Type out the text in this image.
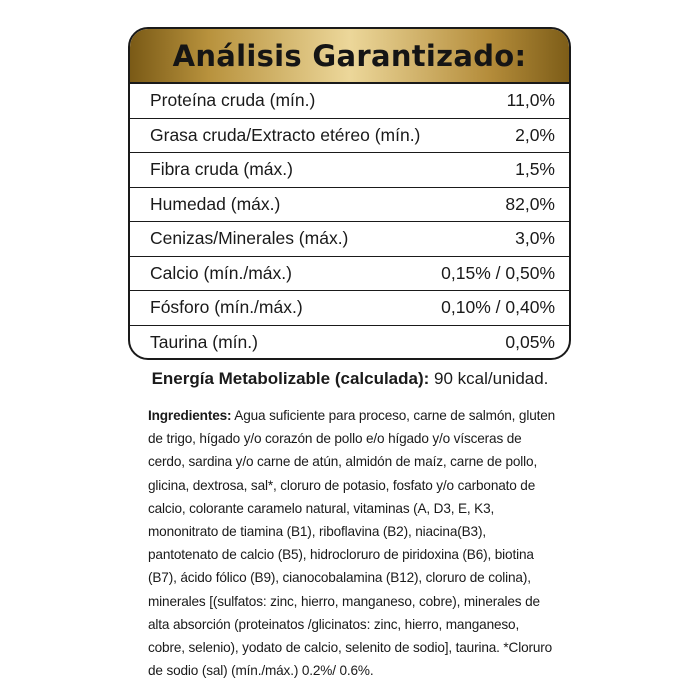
Análisis Garantizado:
Proteína cruda (mín.)	11,0%
Grasa cruda/Extracto etéreo (mín.)	2,0%
Fibra cruda (máx.)	1,5%
Humedad (máx.)	82,0%
Cenizas/Minerales (máx.)	3,0%
Calcio (mín./máx.)	0,15% / 0,50%
Fósforo (mín./máx.)	0,10% / 0,40%
Taurina (mín.)	0,05%
Energía Metabolizable (calculada): 90 kcal/unidad.
Ingredientes: Agua suficiente para proceso, carne de salmón, gluten de trigo, hígado y/o corazón de pollo e/o hígado y/o vísceras de cerdo, sardina y/o carne de atún, almidón de maíz, carne de pollo, glicina, dextrosa, sal*, cloruro de potasio, fosfato y/o carbonato de calcio, colorante caramelo natural, vitaminas (A, D3, E, K3, mononitrato de tiamina (B1), riboflavina (B2), niacina(B3), pantotenato de calcio (B5), hidrocloruro de piridoxina (B6), biotina (B7), ácido fólico (B9), cianocobalamina (B12), cloruro de colina), minerales [(sulfatos: zinc, hierro, manganeso, cobre), minerales de alta absorción (proteinatos /glicinatos: zinc, hierro, manganeso, cobre, selenio), yodato de calcio, selenito de sodio], taurina. *Cloruro de sodio (sal) (mín./máx.) 0.2%/ 0.6%.
